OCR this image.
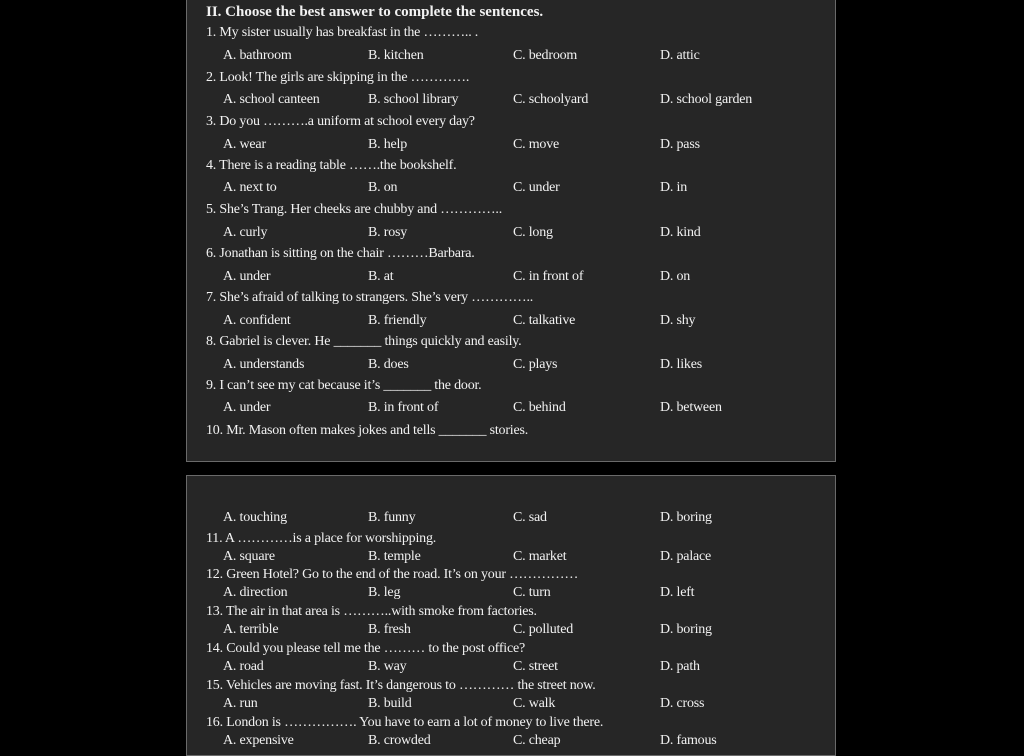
II. Choose the best answer to complete the sentences.
1. My sister usually has breakfast in the ……….. .
A. bathroom	B. kitchen	C. bedroom	D. attic
2. Look! The girls are skipping in the ………….
A. school canteen	B. school library	C. schoolyard	D. school garden
3. Do you ……….a uniform at school every day?
A. wear	B. help	C. move	D. pass
4. There is a reading table …….the bookshelf.
A. next to	B. on	C. under	D. in
5. She’s Trang. Her cheeks are chubby and …………..
A. curly	B. rosy	C. long	D. kind
6. Jonathan is sitting on the chair ………Barbara.
A. under	B. at	C. in front of	D. on
7. She’s afraid of talking to strangers. She’s very …………..
A. confident	B. friendly	C. talkative	D. shy
8. Gabriel is clever. He _______ things quickly and easily.
A. understands	B. does	C. plays	D. likes
9. I can’t see my cat because it’s _______ the door.
A. under	B. in front of	C. behind	D. between
10. Mr. Mason often makes jokes and tells _______ stories.
A. touching	B. funny	C. sad	D. boring
11. A …………is a place for worshipping.
A. square	B. temple	C. market	D. palace
12. Green Hotel? Go to the end of the road. It’s on your ……………
A. direction	B. leg	C. turn	D. left
13. The air in that area is ………..with smoke from factories.
A. terrible	B. fresh	C. polluted	D. boring
14. Could you please tell me the ……… to the post office?
A. road	B. way	C. street	D. path
15. Vehicles are moving fast. It’s dangerous to ………… the street now.
A. run	B. build	C. walk	D. cross
16. London is ……………. You have to earn a lot of money to live there.
A. expensive	B. crowded	C. cheap	D. famous
